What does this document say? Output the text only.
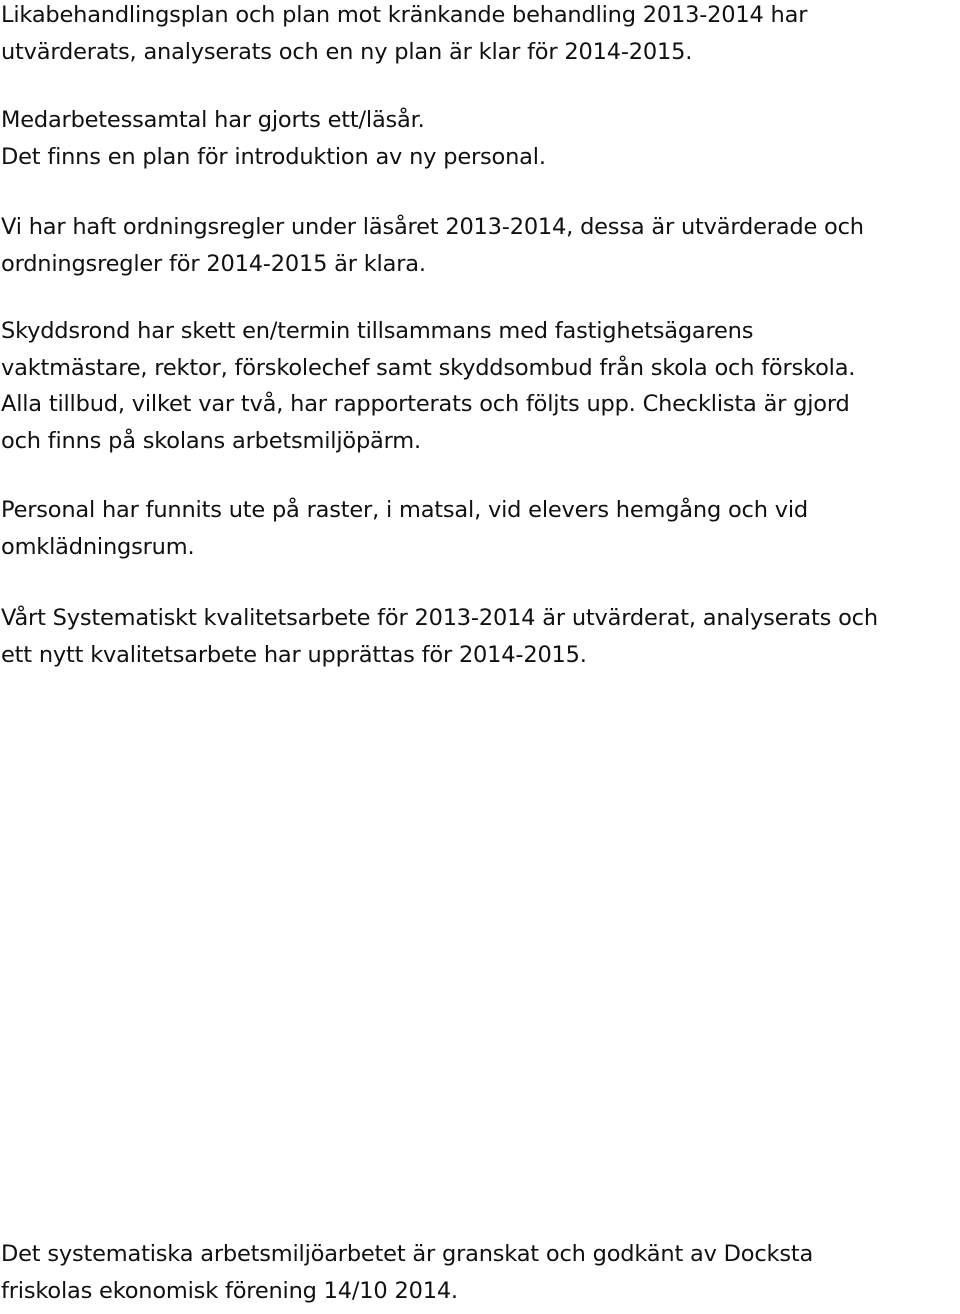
Likabehandlingsplan och plan mot kränkande behandling 2013-2014 har
utvärderats, analyserats och en ny plan är klar för 2014-2015.

Medarbetessamtal har gjorts ett/läsår.
Det finns en plan för introduktion av ny personal.

Vi har haft ordningsregler under läsåret 2013-2014, dessa är utvärderade och
ordningsregler för 2014-2015 är klara.

Skyddsrond har skett en/termin tillsammans med fastighetsägarens
vaktmästare, rektor, förskolechef samt skyddsombud från skola och förskola.
Alla tillbud, vilket var två, har rapporterats och följts upp. Checklista är gjord
och finns på skolans arbetsmiljöpärm.

Personal har funnits ute på raster, i matsal, vid elevers hemgång och vid
omklädningsrum.

Vårt Systematiskt kvalitetsarbete för 2013-2014 är utvärderat, analyserats och
ett nytt kvalitetsarbete har upprättas för 2014-2015.

Det systematiska arbetsmiljöarbetet är granskat och godkänt av Docksta
friskolas ekonomisk förening 14/10 2014.
